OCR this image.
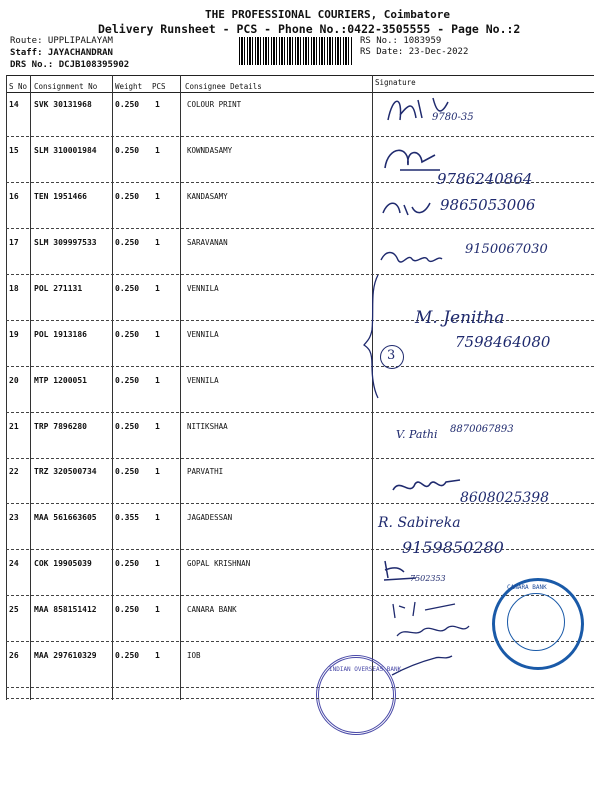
THE PROFESSIONAL COURIERS, Coimbatore
Delivery Runsheet - PCS - Phone No.:0422-3505555 - Page No.:2
Route: UPPLIPALAYAM
Staff: JAYACHANDRAN
DRS No.: DCJB108395902
RS No.: 1083959
RS Date: 23-Dec-2022
S No Consignment No Weight PCS	Consignee Details	Signature
14 SVK 30131968	0.250 1	COLOUR PRINT
15 SLM 310001984 0.250 1	KOWNDASAMY
16 TEN 1951466	0.250 1	KANDASAMY
17 SLM 309997533 0.250 1	SARAVANAN
18 POL 271131	0.250 1	VENNILA
19 POL 1913186	0.250 1	VENNILA
20 MTP 1200051	0.250 1	VENNILA
21 TRP 7896280	0.250 1	NITIKSHAA
22 TRZ 320500734 0.250 1	PARVATHI
23 MAA 561663605 0.355 1	JAGADESSAN
24 COK 19905039	0.250 1	GOPAL KRISHNAN
25 MAA 858151412 0.250 1	CANARA BANK
26 MAA 297610329 0.250 1	IOB
9780-35
9786240864
9865053006
9150067030
M. Jenitha
7598464080
3
V. Pathi 8870067893
8608025398
R. Sabireka
9159850280
7502353
INDIAN OVERSEAS BANK
CANARA BANK
